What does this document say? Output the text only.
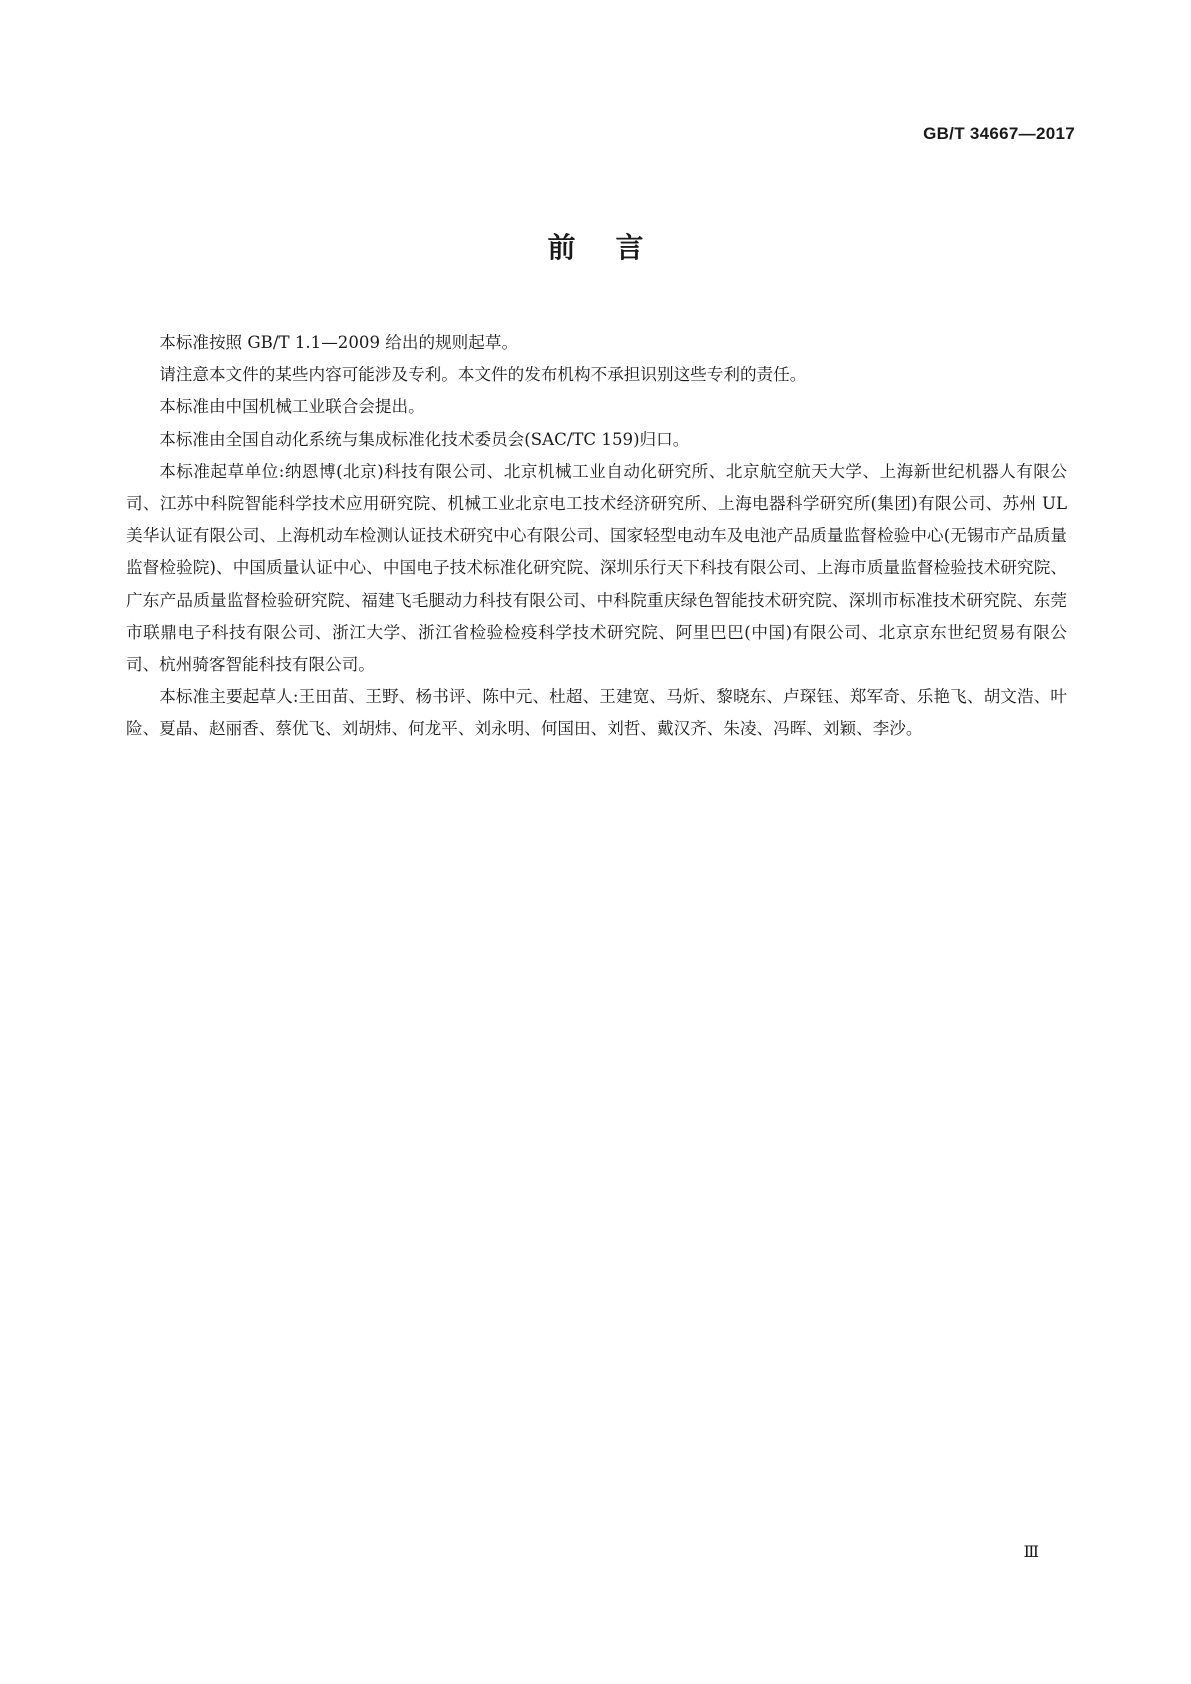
GB/T 34667—2017
前言

本标准按照 GB/T 1.1—2009 给出的规则起草。

请注意本文件的某些内容可能涉及专利。本文件的发布机构不承担识别这些专利的责任。

本标准由中国机械工业联合会提出。

本标准由全国自动化系统与集成标准化技术委员会(SAC/TC 159)归口。

本标准起草单位:纳恩博(北京)科技有限公司、北京机械工业自动化研究所、北京航空航天大学、上海新世纪机器人有限公司、江苏中科院智能科学技术应用研究院、机械工业北京电工技术经济研究所、上海电器科学研究所(集团)有限公司、苏州 UL 美华认证有限公司、上海机动车检测认证技术研究中心有限公司、国家轻型电动车及电池产品质量监督检验中心(无锡市产品质量监督检验院)、中国质量认证中心、中国电子技术标准化研究院、深圳乐行天下科技有限公司、上海市质量监督检验技术研究院、广东产品质量监督检验研究院、福建飞毛腿动力科技有限公司、中科院重庆绿色智能技术研究院、深圳市标准技术研究院、东莞市联鼎电子科技有限公司、浙江大学、浙江省检验检疫科学技术研究院、阿里巴巴(中国)有限公司、北京京东世纪贸易有限公司、杭州骑客智能科技有限公司。

本标准主要起草人:王田苗、王野、杨书评、陈中元、杜超、王建宽、马炘、黎晓东、卢琛钰、郑军奇、乐艳飞、胡文浩、叶险、夏晶、赵丽香、蔡优飞、刘胡炜、何龙平、刘永明、何国田、刘哲、戴汉齐、朱凌、冯晖、刘颖、李沙。

Ⅲ
